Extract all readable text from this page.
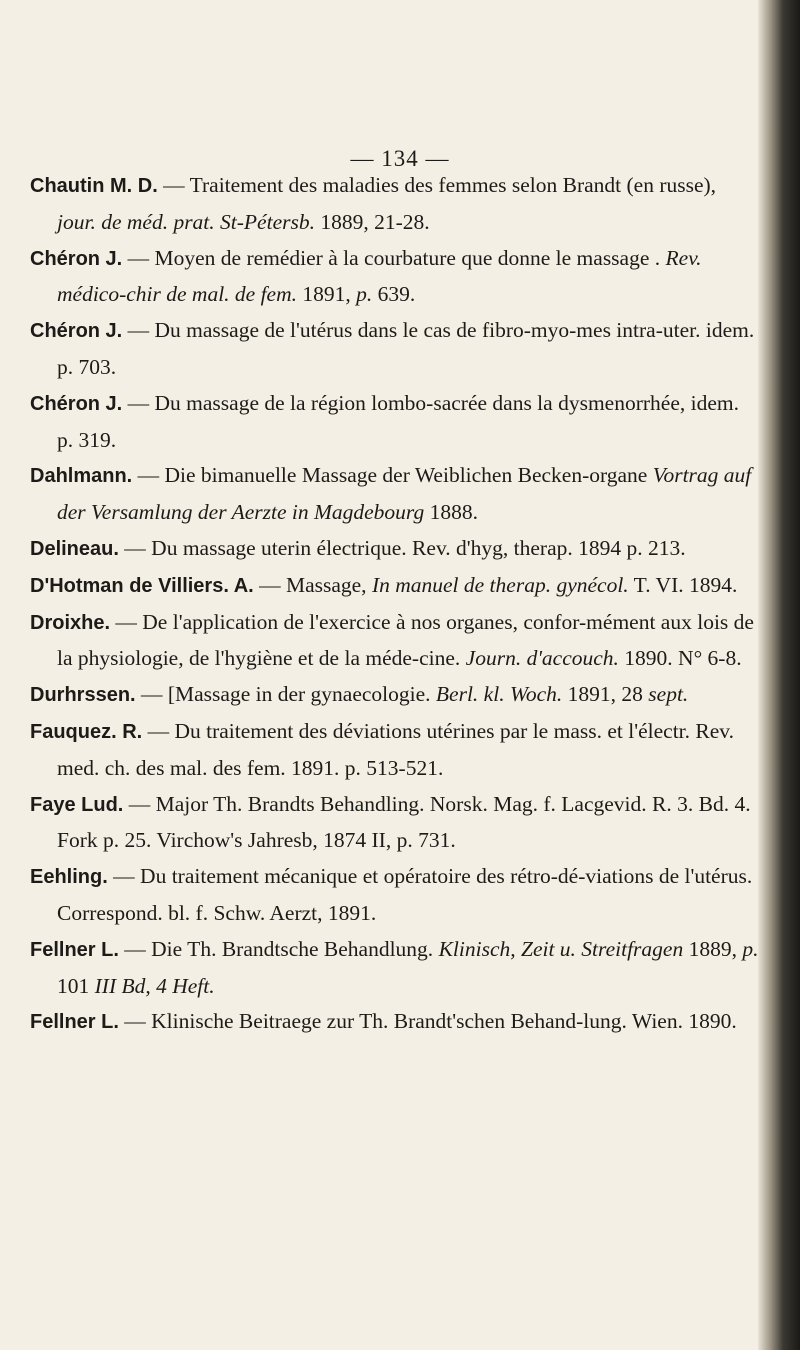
— 134 —

Chautin M. D. — Traitement des maladies des femmes selon Brandt (en russe), jour. de méd. prat. St-Pétersb. 1889, 21-28.

Chéron J. — Moyen de remédier à la courbature que donne le massage . Rev. médico-chir de mal. de fem. 1891, p. 639.

Chéron J. — Du massage de l'utérus dans le cas de fibro-myo-mes intra-uter. idem. p. 703.

Chéron J. — Du massage de la région lombo-sacrée dans la dysmenorrhée, idem. p. 319.

Dahlmann. — Die bimanuelle Massage der Weiblichen Becken-organe Vortrag auf der Versamlung der Aerzte in Magdebourg 1888.

Delineau. — Du massage uterin électrique. Rev. d'hyg, therap. 1894 p. 213.

D'Hotman de Villiers. A. — Massage, In manuel de therap. gynécol. T. VI. 1894.

Droixhe. — De l'application de l'exercice à nos organes, confor-mément aux lois de la physiologie, de l'hygiène et de la méde-cine. Journ. d'accouch. 1890. N° 6-8.

Durhrssen. — [Massage in der gynaecologie. Berl. kl. Woch. 1891, 28 sept.

Fauquez. R. — Du traitement des déviations utérines par le mass. et l'électr. Rev. med. ch. des mal. des fem. 1891. p. 513-521.

Faye Lud. — Major Th. Brandts Behandling. Norsk. Mag. f. Lacgevid. R. 3. Bd. 4. Fork p. 25. Virchow's Jahresb, 1874 II, p. 731.

Eehling. — Du traitement mécanique et opératoire des rétro-dé-viations de l'utérus. Correspond. bl. f. Schw. Aerzt, 1891.

Fellner L. — Die Th. Brandtsche Behandlung. Klinisch, Zeit u. Streitfragen 1889, p. 101 III Bd, 4 Heft.

Fellner L. — Klinische Beitraege zur Th. Brandt'schen Behand-lung. Wien. 1890.
